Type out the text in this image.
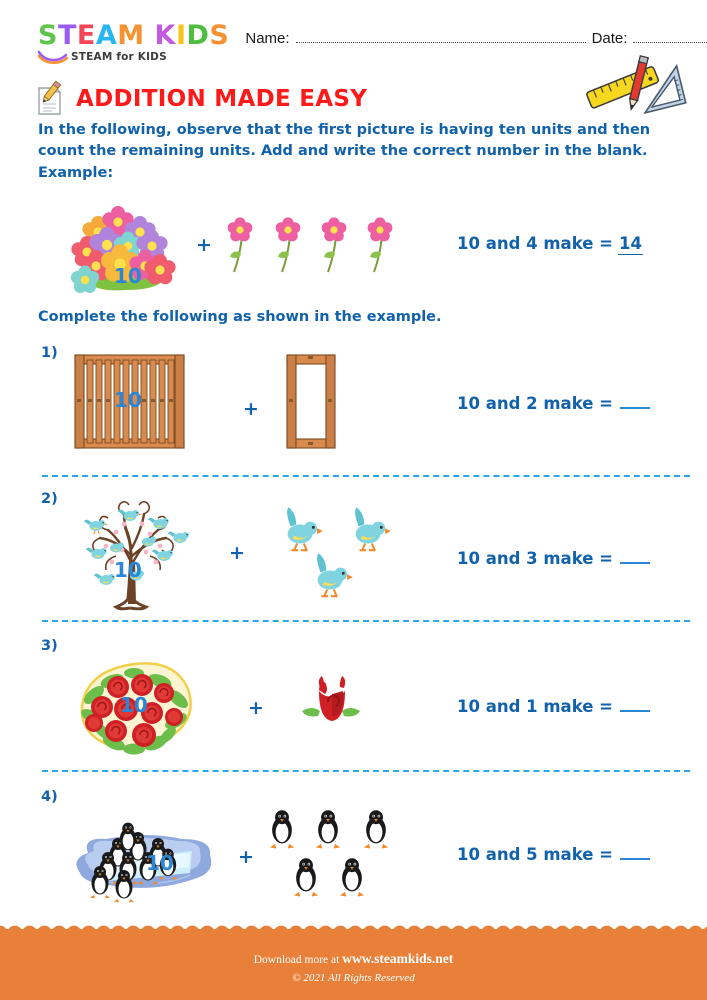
STEAM KIDS
STEAM for KIDS
Name:	Date:
ADDITION MADE EASY
In the following, observe that the first picture is having ten units and then count the remaining units. Add and write the correct number in the blank.
Example:
Complete the following as shown in the example.
10
+	10 and 4 make = 14
1)
10	+	10 and 2 make =
2)
10
+	10 and 3 make =
3)
10	+	10 and 1 make =
4)
10	+	10 and 5 make =
Download more at www.steamkids.net
© 2021 All Rights Reserved
